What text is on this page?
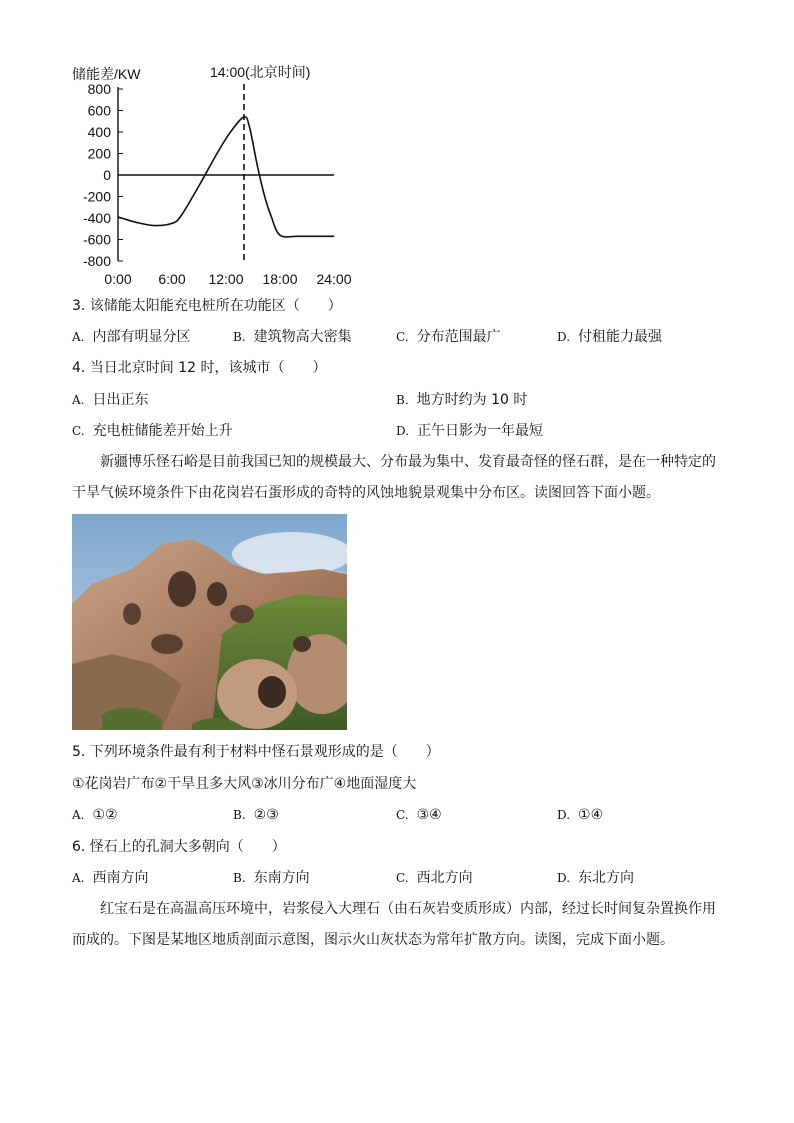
储能差/KW	14:00(北京时间)
800
600
400
200
0
-200
-400
-600
-800
0:00 6:00 12:00 18:00 24:00
3. 该储能太阳能充电桩所在功能区（　　）
A. 内部有明显分区	B. 建筑物高大密集	C. 分布范围最广	D. 付租能力最强
4. 当日北京时间 12 时，该城市（　　）
A. 日出正东	B. 地方时约为 10 时
C. 充电桩储能差开始上升	D. 正午日影为一年最短
新疆博乐怪石峪是目前我国已知的规模最大、分布最为集中、发育最奇怪的怪石群，是在一种特定的干旱气候环境条件下由花岗岩石蛋形成的奇特的风蚀地貌景观集中分布区。读图回答下面小题。
5. 下列环境条件最有利于材料中怪石景观形成的是（　　）
①花岗岩广布②干旱且多大风③冰川分布广④地面湿度大
A. ①②	B. ②③	C. ③④	D. ①④
6. 怪石上的孔洞大多朝向（　　）
A. 西南方向	B. 东南方向	C. 西北方向	D. 东北方向
红宝石是在高温高压环境中，岩浆侵入大理石（由石灰岩变质形成）内部，经过长时间复杂置换作用而成的。下图是某地区地质剖面示意图，图示火山灰状态为常年扩散方向。读图，完成下面小题。
